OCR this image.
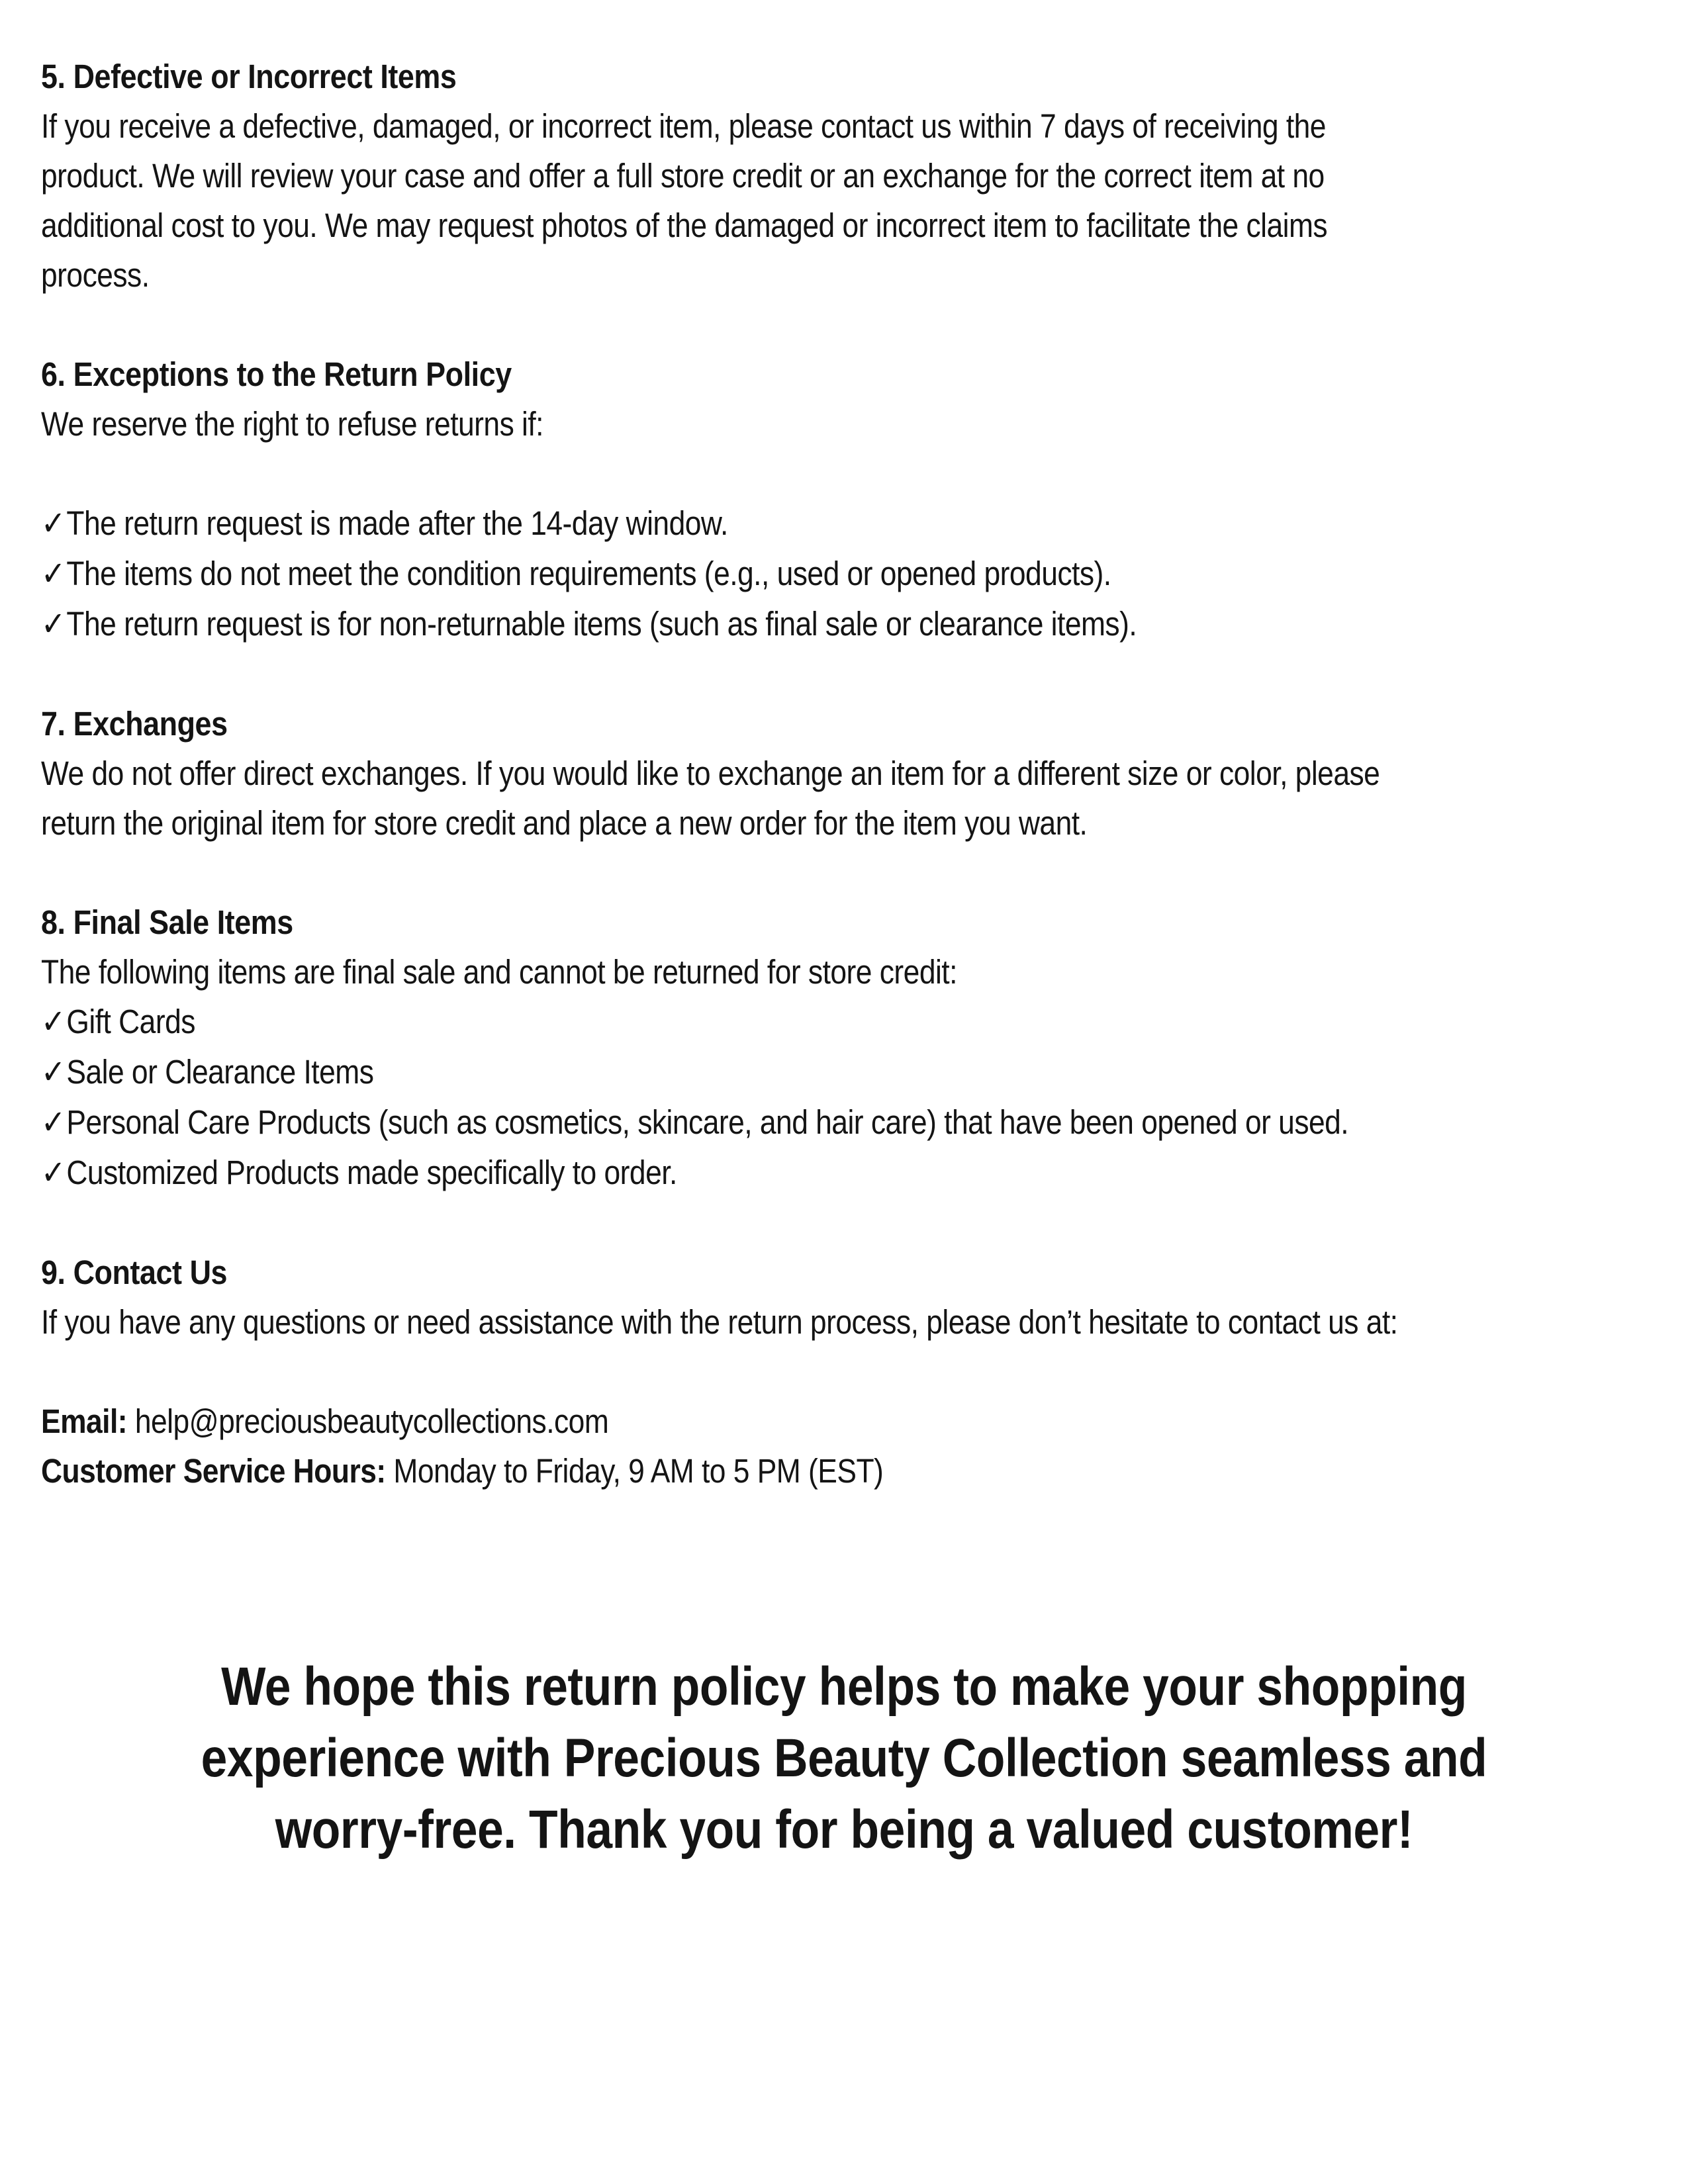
5. Defective or Incorrect Items
If you receive a defective, damaged, or incorrect item, please contact us within 7 days of receiving the
product. We will review your case and offer a full store credit or an exchange for the correct item at no
additional cost to you. We may request photos of the damaged or incorrect item to facilitate the claims
process.
6. Exceptions to the Return Policy
We reserve the right to refuse returns if:
✓The return request is made after the 14-day window.
✓The items do not meet the condition requirements (e.g., used or opened products).
✓The return request is for non-returnable items (such as final sale or clearance items).
7. Exchanges
We do not offer direct exchanges. If you would like to exchange an item for a different size or color, please
return the original item for store credit and place a new order for the item you want.
8. Final Sale Items
The following items are final sale and cannot be returned for store credit:
✓Gift Cards
✓Sale or Clearance Items
✓Personal Care Products (such as cosmetics, skincare, and hair care) that have been opened or used.
✓Customized Products made specifically to order.
9. Contact Us
If you have any questions or need assistance with the return process, please don’t hesitate to contact us at:
Email: help@preciousbeautycollections.com
Customer Service Hours: Monday to Friday, 9 AM to 5 PM (EST)

We hope this return policy helps to make your shopping

experience with Precious Beauty Collection seamless and

worry-free. Thank you for being a valued customer!
